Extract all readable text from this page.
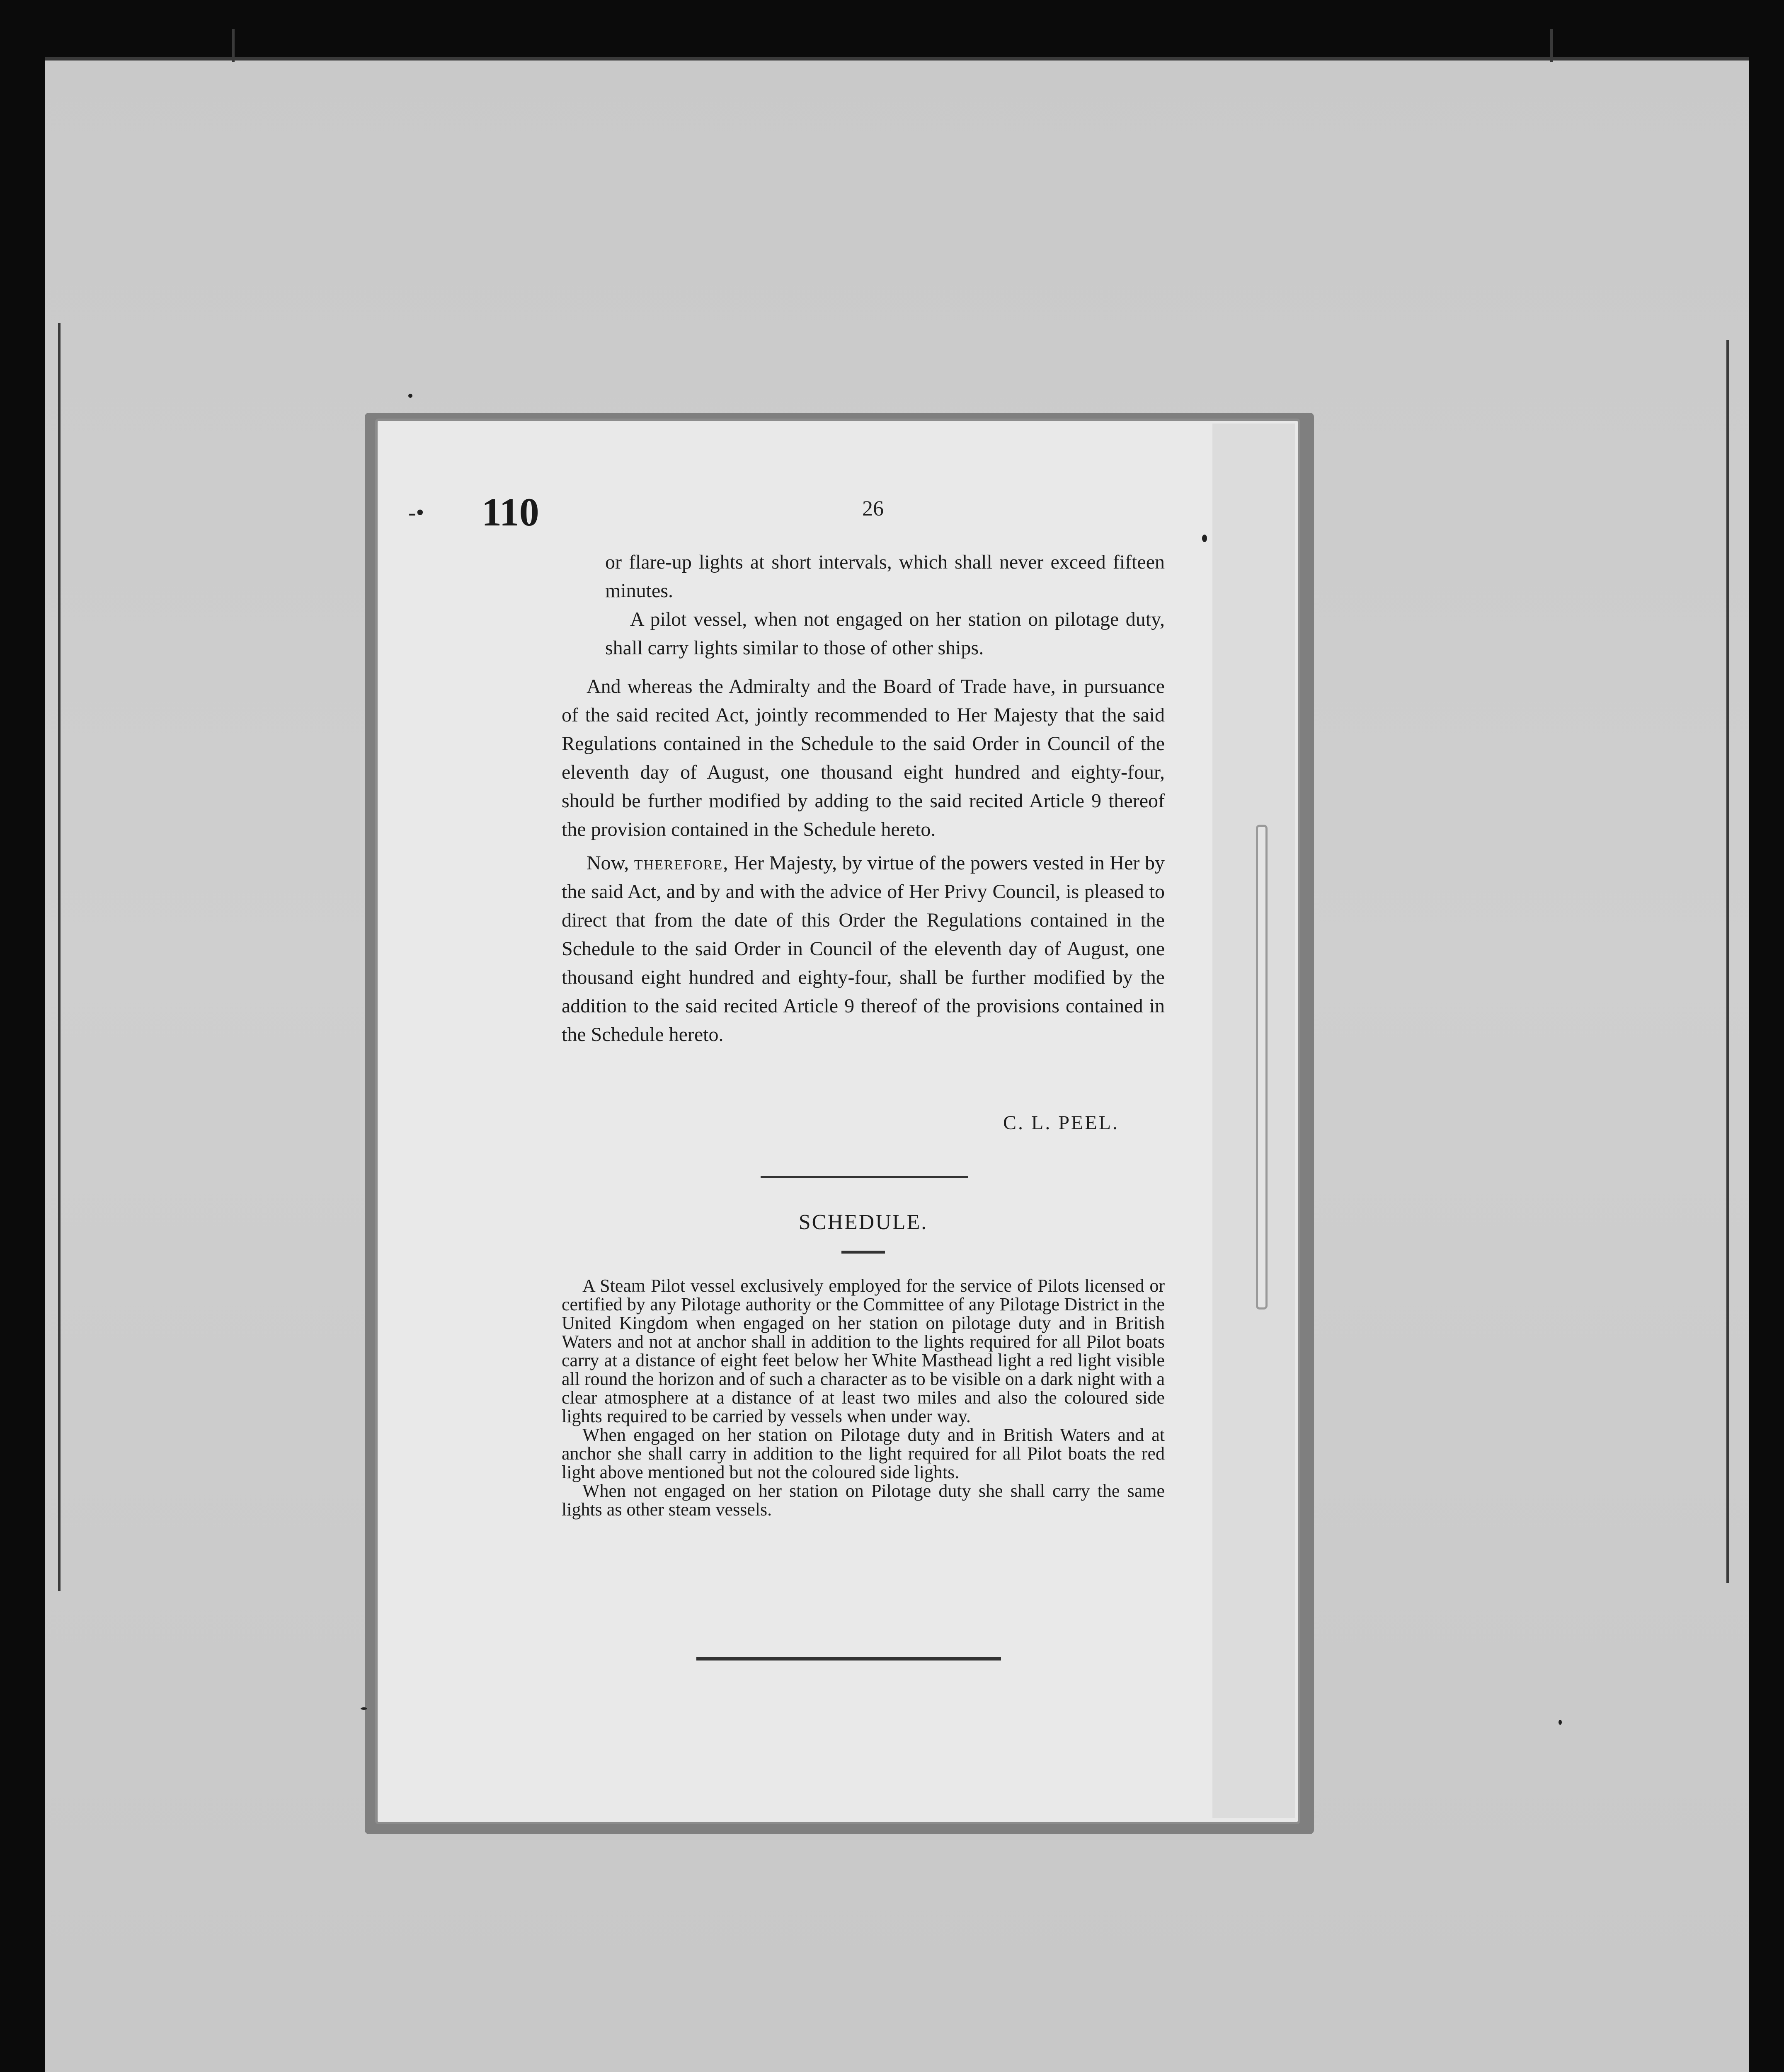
-• 110	26

or flare-up lights at short intervals, which shall never exceed fifteen minutes.

A pilot vessel, when not engaged on her station on pilotage duty, shall carry lights similar to those of other ships.

And whereas the Admiralty and the Board of Trade have, in pursuance of the said recited Act, jointly recommended to Her Majesty that the said Regulations contained in the Schedule to the said Order in Council of the eleventh day of August, one thousand eight hundred and eighty-four, should be further modified by adding to the said recited Article 9 thereof the provision contained in the Schedule hereto.

Now, therefore, Her Majesty, by virtue of the powers vested in Her by the said Act, and by and with the advice of Her Privy Council, is pleased to direct that from the date of this Order the Regulations contained in the Schedule to the said Order in Council of the eleventh day of August, one thousand eight hundred and eighty-four, shall be further modified by the addition to the said recited Article 9 thereof of the provisions contained in the Schedule hereto.

C. L. PEEL.
SCHEDULE.

A Steam Pilot vessel exclusively employed for the service of Pilots licensed or certified by any Pilotage authority or the Committee of any Pilotage District in the United Kingdom when engaged on her station on pilotage duty and in British Waters and not at anchor shall in addition to the lights required for all Pilot boats carry at a distance of eight feet below her White Masthead light a red light visible all round the horizon and of such a character as to be visible on a dark night with a clear atmosphere at a distance of at least two miles and also the coloured side lights required to be carried by vessels when under way.

When engaged on her station on Pilotage duty and in British Waters and at anchor she shall carry in addition to the light required for all Pilot boats the red light above mentioned but not the coloured side lights.

When not engaged on her station on Pilotage duty she shall carry the same lights as other steam vessels.
